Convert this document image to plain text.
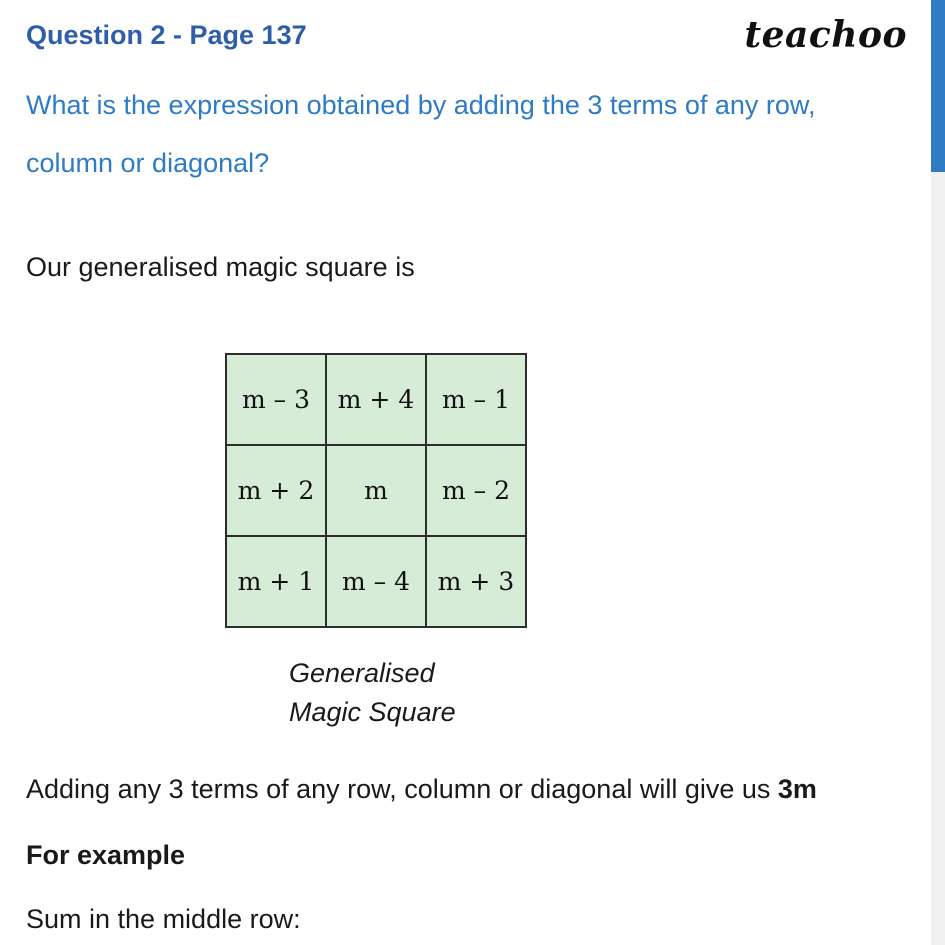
Question 2 - Page 137	teachoo
What is the expression obtained by adding the 3 terms of any row, column or diagonal?
Our generalised magic square is
m – 3	m + 4	m – 1
m + 2	m	m – 2
m + 1	m – 4	m + 3
Generalised
Magic Square
Adding any 3 terms of any row, column or diagonal will give us 3m
For example
Sum in the middle row:
